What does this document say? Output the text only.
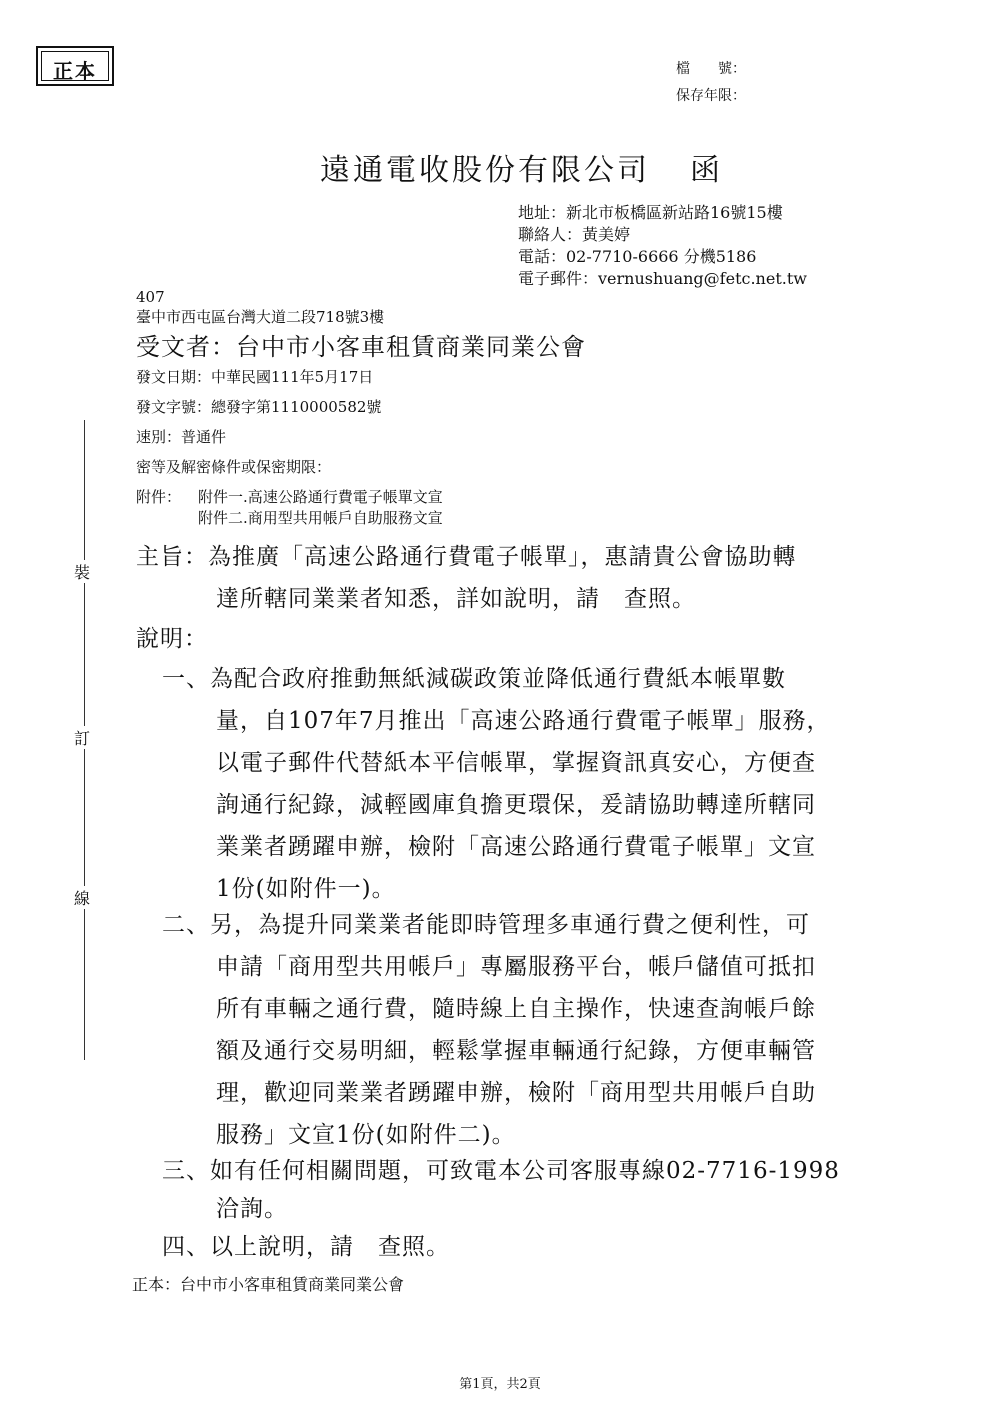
正本	檔　　號：
保存年限：
遠通電收股份有限公司 函
地址：新北市板橋區新站路16號15樓
聯絡人：黃美婷
電話：02-7710-6666 分機5186
電子郵件：vernushuang@fetc.net.tw
407
臺中市西屯區台灣大道二段718號3樓
受文者：台中市小客車租賃商業同業公會
發文日期：中華民國111年5月17日
發文字號：總發字第1110000582號
速別：普通件
密等及解密條件或保密期限：
附件： 附件一.高速公路通行費電子帳單文宣
附件二.商用型共用帳戶自助服務文宣
裝
訂
線
主旨：為推廣「高速公路通行費電子帳單」，惠請貴公會協助轉
達所轄同業業者知悉，詳如說明，請　查照。
說明：
一、為配合政府推動無紙減碳政策並降低通行費紙本帳單數
量，自107年7月推出「高速公路通行費電子帳單」服務，
以電子郵件代替紙本平信帳單，掌握資訊真安心，方便查
詢通行紀錄，減輕國庫負擔更環保，爰請協助轉達所轄同
業業者踴躍申辦，檢附「高速公路通行費電子帳單」文宣
1份(如附件一)。
二、另，為提升同業業者能即時管理多車通行費之便利性，可
申請「商用型共用帳戶」專屬服務平台，帳戶儲值可抵扣
所有車輛之通行費，隨時線上自主操作，快速查詢帳戶餘
額及通行交易明細，輕鬆掌握車輛通行紀錄，方便車輛管
理，歡迎同業業者踴躍申辦，檢附「商用型共用帳戶自助
服務」文宣1份(如附件二)。
三、如有任何相關問題，可致電本公司客服專線02-7716-1998
洽詢。
四、以上說明，請　查照。
正本：台中市小客車租賃商業同業公會
第1頁，共2頁
